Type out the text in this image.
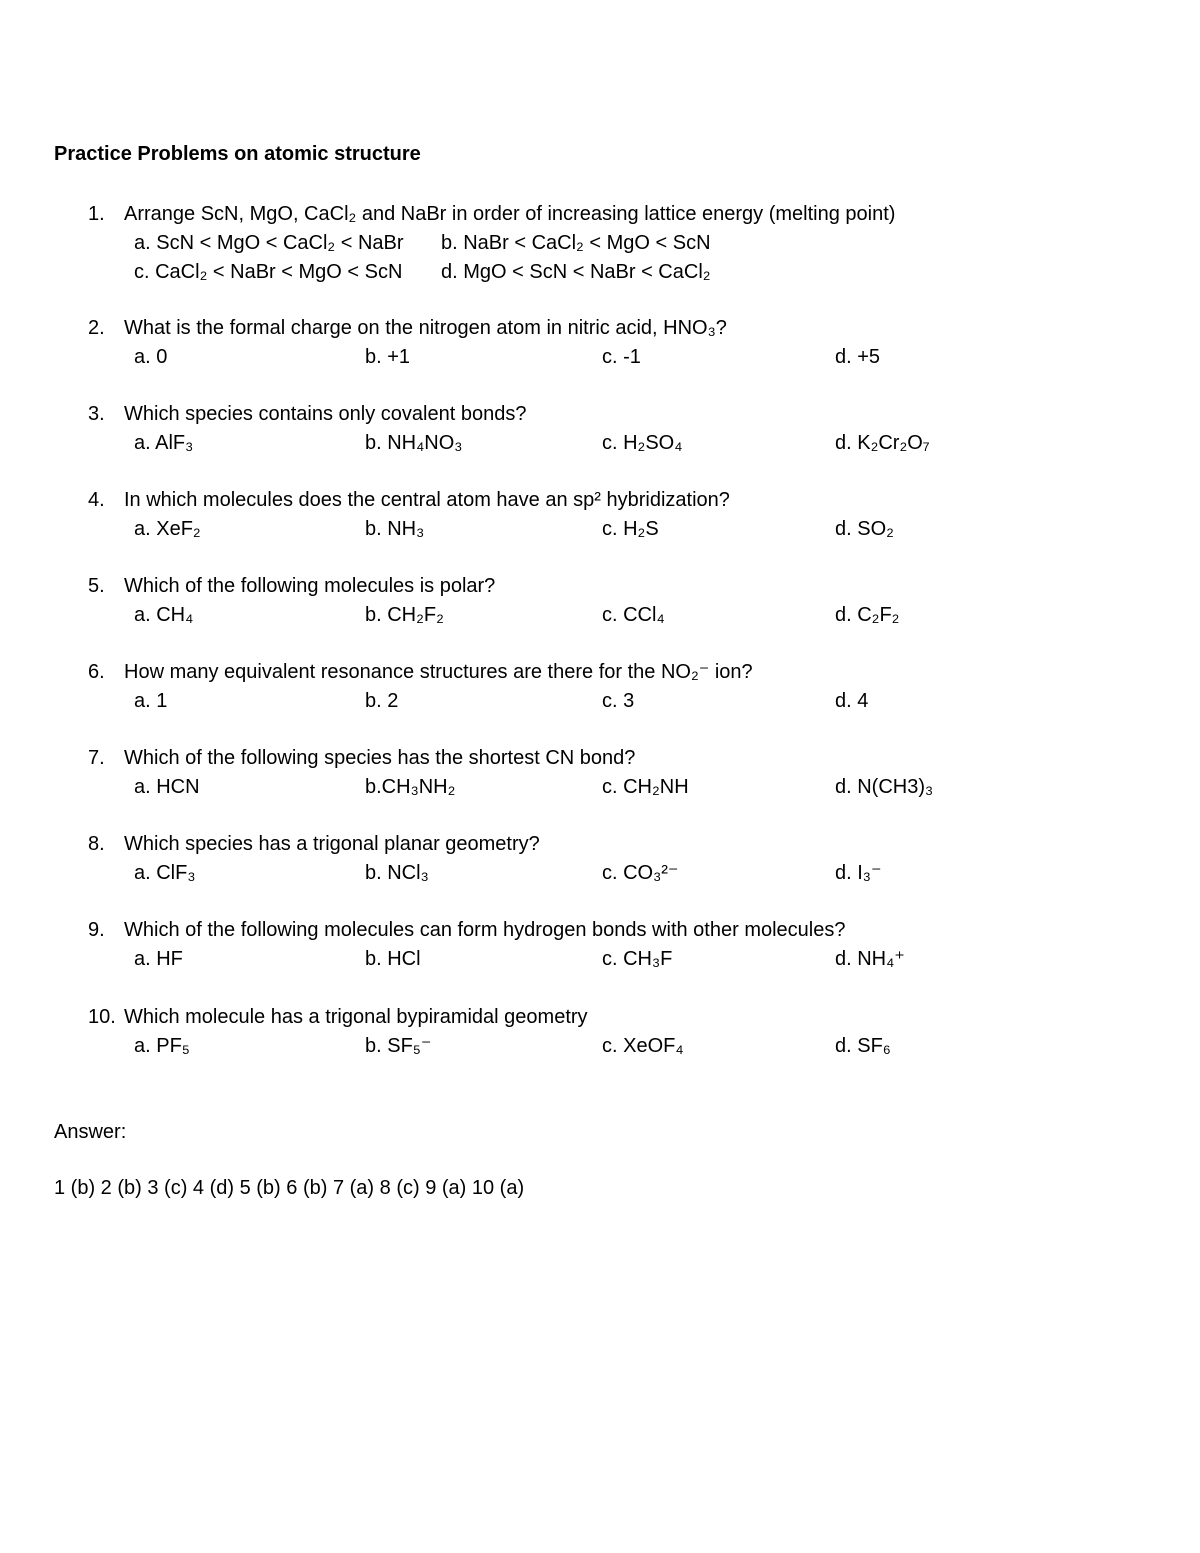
Practice Problems on atomic structure
1. Arrange ScN, MgO, CaCl₂ and NaBr in order of increasing lattice energy (melting point)
a. ScN < MgO < CaCl₂ < NaBr b. NaBr < CaCl₂ < MgO < ScN
c. CaCl₂ < NaBr < MgO < ScN d. MgO < ScN < NaBr < CaCl₂
2. What is the formal charge on the nitrogen atom in nitric acid, HNO₃?
a. 0	b. +1	c. -1	d. +5
3. Which species contains only covalent bonds?
a. AlF₃	b. NH₄NO₃	c. H₂SO₄	d. K₂Cr₂O₇
4. In which molecules does the central atom have an sp² hybridization?
a. XeF₂	b. NH₃	c. H₂S	d. SO₂
5. Which of the following molecules is polar?
a. CH₄	b. CH₂F₂	c. CCl₄	d. C₂F₂
6. How many equivalent resonance structures are there for the NO₂⁻ ion?
a. 1	b. 2	c. 3	d. 4
7. Which of the following species has the shortest CN bond?
a. HCN	b.CH₃NH₂	c. CH₂NH	d. N(CH3)₃
8. Which species has a trigonal planar geometry?
a. ClF₃	b. NCl₃	c. CO₃²⁻	d. I₃⁻
9. Which of the following molecules can form hydrogen bonds with other molecules?
a. HF	b. HCl	c. CH₃F	d. NH₄⁺
10. Which molecule has a trigonal bypiramidal geometry
a. PF₅	b. SF₅⁻	c. XeOF₄	d. SF₆
Answer:
1 (b) 2 (b) 3 (c) 4 (d) 5 (b) 6 (b) 7 (a) 8 (c) 9 (a) 10 (a)
